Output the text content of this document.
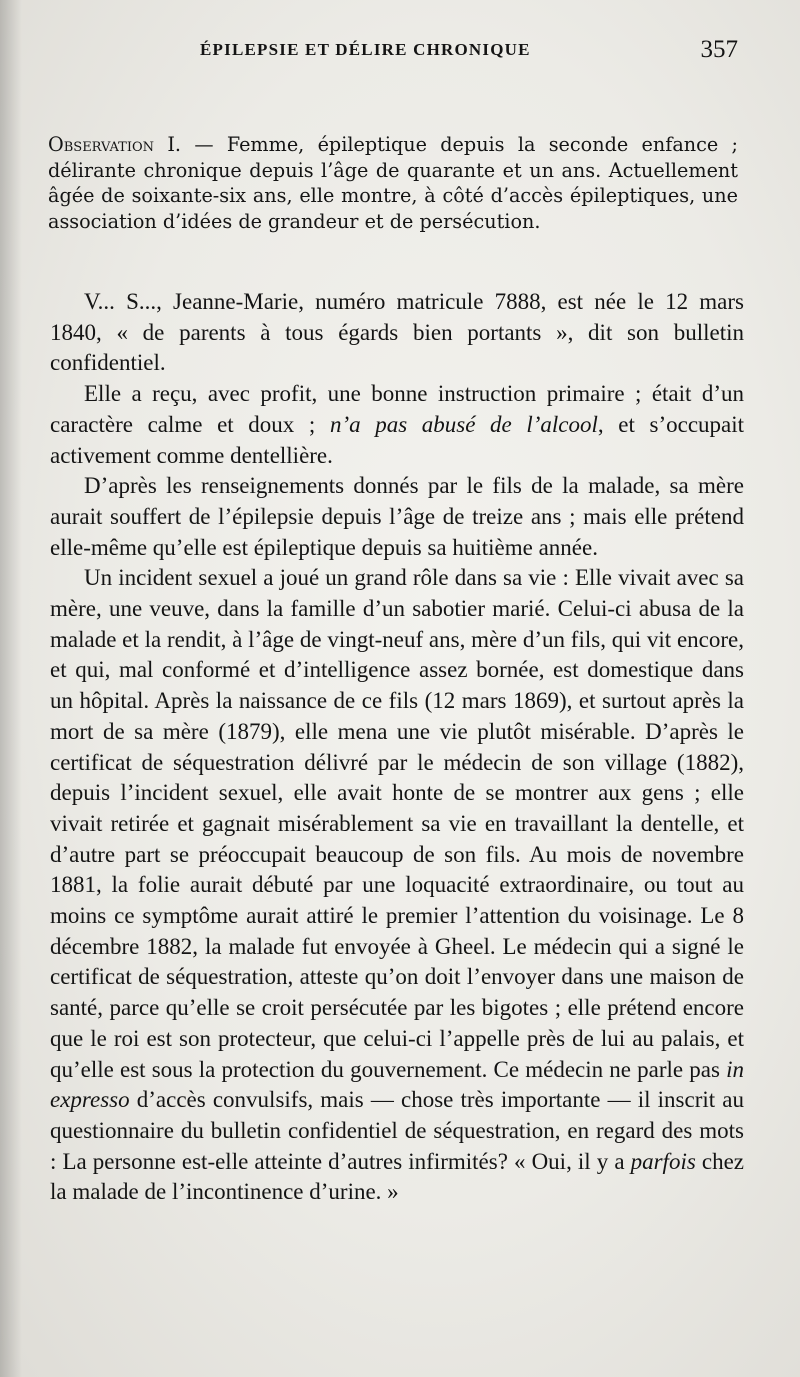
ÉPILEPSIE ET DÉLIRE CHRONIQUE	357
Observation I. — Femme, épileptique depuis la seconde enfance ; délirante chronique depuis l’âge de quarante et un ans. Actuellement âgée de soixante-six ans, elle montre, à côté d’accès épileptiques, une association d’idées de grandeur et de persécution.

V... S..., Jeanne-Marie, numéro matricule 7888, est née le 12 mars 1840, « de parents à tous égards bien portants », dit son bulletin confidentiel.

Elle a reçu, avec profit, une bonne instruction primaire ; était d’un caractère calme et doux ; n’a pas abusé de l’alcool, et s’occupait activement comme dentellière.

D’après les renseignements donnés par le fils de la malade, sa mère aurait souffert de l’épilepsie depuis l’âge de treize ans ; mais elle prétend elle-même qu’elle est épileptique depuis sa huitième année.

Un incident sexuel a joué un grand rôle dans sa vie : Elle vivait avec sa mère, une veuve, dans la famille d’un sabotier marié. Celui-ci abusa de la malade et la rendit, à l’âge de vingt-neuf ans, mère d’un fils, qui vit encore, et qui, mal conformé et d’intelligence assez bornée, est domestique dans un hôpital. Après la naissance de ce fils (12 mars 1869), et surtout après la mort de sa mère (1879), elle mena une vie plutôt misérable. D’après le certificat de séquestration délivré par le médecin de son village (1882), depuis l’incident sexuel, elle avait honte de se montrer aux gens ; elle vivait retirée et gagnait misérablement sa vie en travaillant la dentelle, et d’autre part se préoccupait beaucoup de son fils. Au mois de novembre 1881, la folie aurait débuté par une loquacité extraordinaire, ou tout au moins ce symptôme aurait attiré le premier l’attention du voisinage. Le 8 décembre 1882, la malade fut envoyée à Gheel. Le médecin qui a signé le certificat de séquestration, atteste qu’on doit l’envoyer dans une maison de santé, parce qu’elle se croit persécutée par les bigotes ; elle prétend encore que le roi est son protecteur, que celui-ci l’appelle près de lui au palais, et qu’elle est sous la protection du gouvernement. Ce médecin ne parle pas in expresso d’accès convulsifs, mais — chose très importante — il inscrit au questionnaire du bulletin confidentiel de séquestration, en regard des mots : La personne est-elle atteinte d’autres infirmités? « Oui, il y a parfois chez la malade de l’incontinence d’urine. »
